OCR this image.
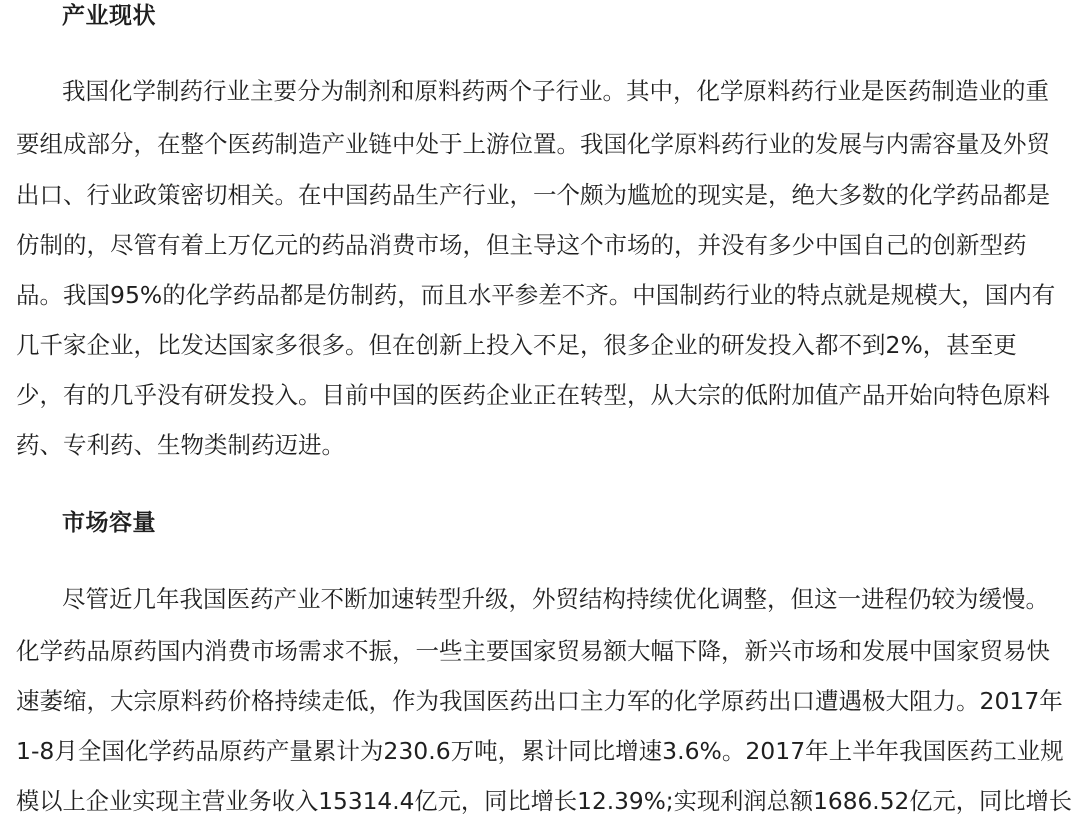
产业现状
我国化学制药行业主要分为制剂和原料药两个子行业。其中，化学原料药行业是医药制造业的重
要组成部分，在整个医药制造产业链中处于上游位置。我国化学原料药行业的发展与内需容量及外贸
出口、行业政策密切相关。在中国药品生产行业，一个颇为尴尬的现实是，绝大多数的化学药品都是
仿制的，尽管有着上万亿元的药品消费市场，但主导这个市场的，并没有多少中国自己的创新型药
品。我国95%的化学药品都是仿制药，而且水平参差不齐。中国制药行业的特点就是规模大，国内有
几千家企业，比发达国家多很多。但在创新上投入不足，很多企业的研发投入都不到2%，甚至更
少，有的几乎没有研发投入。目前中国的医药企业正在转型，从大宗的低附加值产品开始向特色原料
药、专利药、生物类制药迈进。
市场容量
尽管近几年我国医药产业不断加速转型升级，外贸结构持续优化调整，但这一进程仍较为缓慢。
化学药品原药国内消费市场需求不振，一些主要国家贸易额大幅下降，新兴市场和发展中国家贸易快
速萎缩，大宗原料药价格持续走低，作为我国医药出口主力军的化学原药出口遭遇极大阻力。2017年
1-8月全国化学药品原药产量累计为230.6万吨，累计同比增速3.6%。2017年上半年我国医药工业规
模以上企业实现主营业务收入15314.4亿元，同比增长12.39%;实现利润总额1686.52亿元，同比增长
